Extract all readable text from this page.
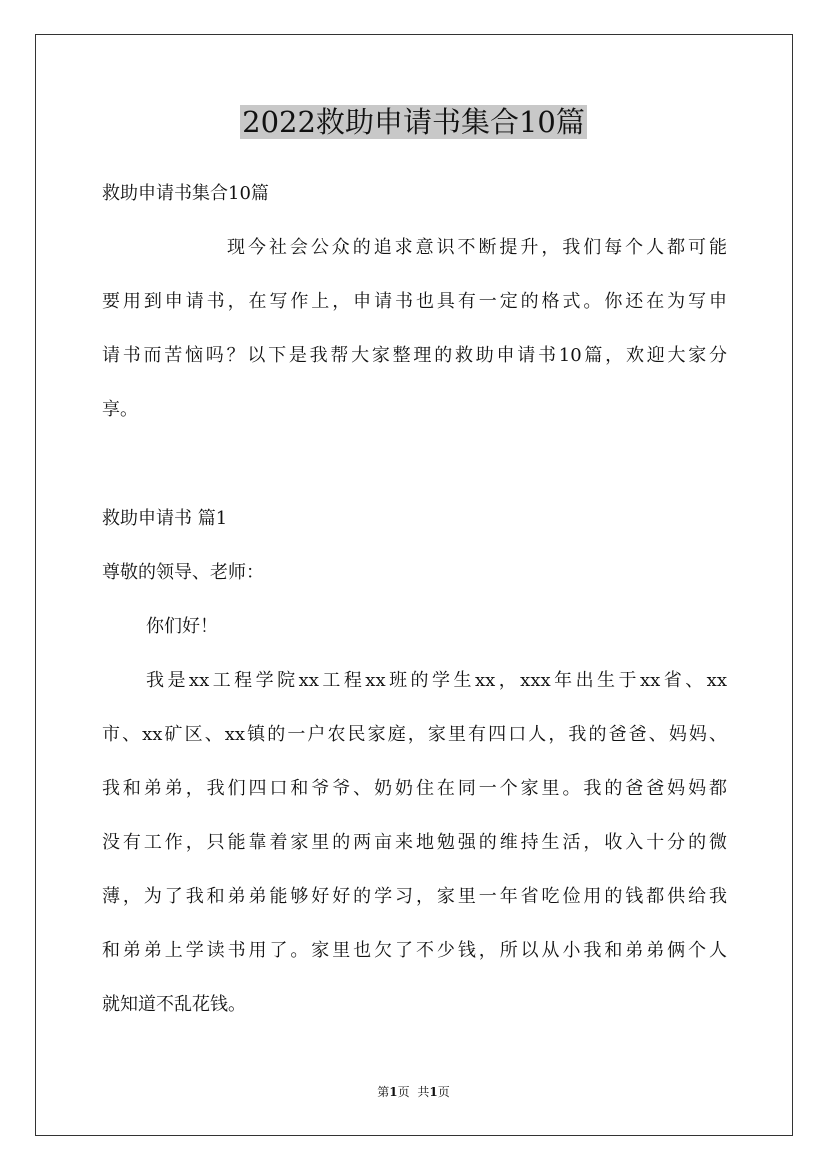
2022救助申请书集合10篇
救助申请书集合10篇
现今社会公众的追求意识不断提升，我们每个人都可能
要用到申请书，在写作上，申请书也具有一定的格式。你还在为写申
请书而苦恼吗？以下是我帮大家整理的救助申请书10篇，欢迎大家分
享。
救助申请书 篇1
尊敬的领导、老师：
你们好！
我是xx工程学院xx工程xx班的学生xx，xxx年出生于xx省、xx
市、xx矿区、xx镇的一户农民家庭，家里有四口人，我的爸爸、妈妈、
我和弟弟，我们四口和爷爷、奶奶住在同一个家里。我的爸爸妈妈都
没有工作，只能靠着家里的两亩来地勉强的维持生活，收入十分的微
薄，为了我和弟弟能够好好的学习，家里一年省吃俭用的钱都供给我
和弟弟上学读书用了。家里也欠了不少钱，所以从小我和弟弟俩个人
就知道不乱花钱。
第1页 共1页
